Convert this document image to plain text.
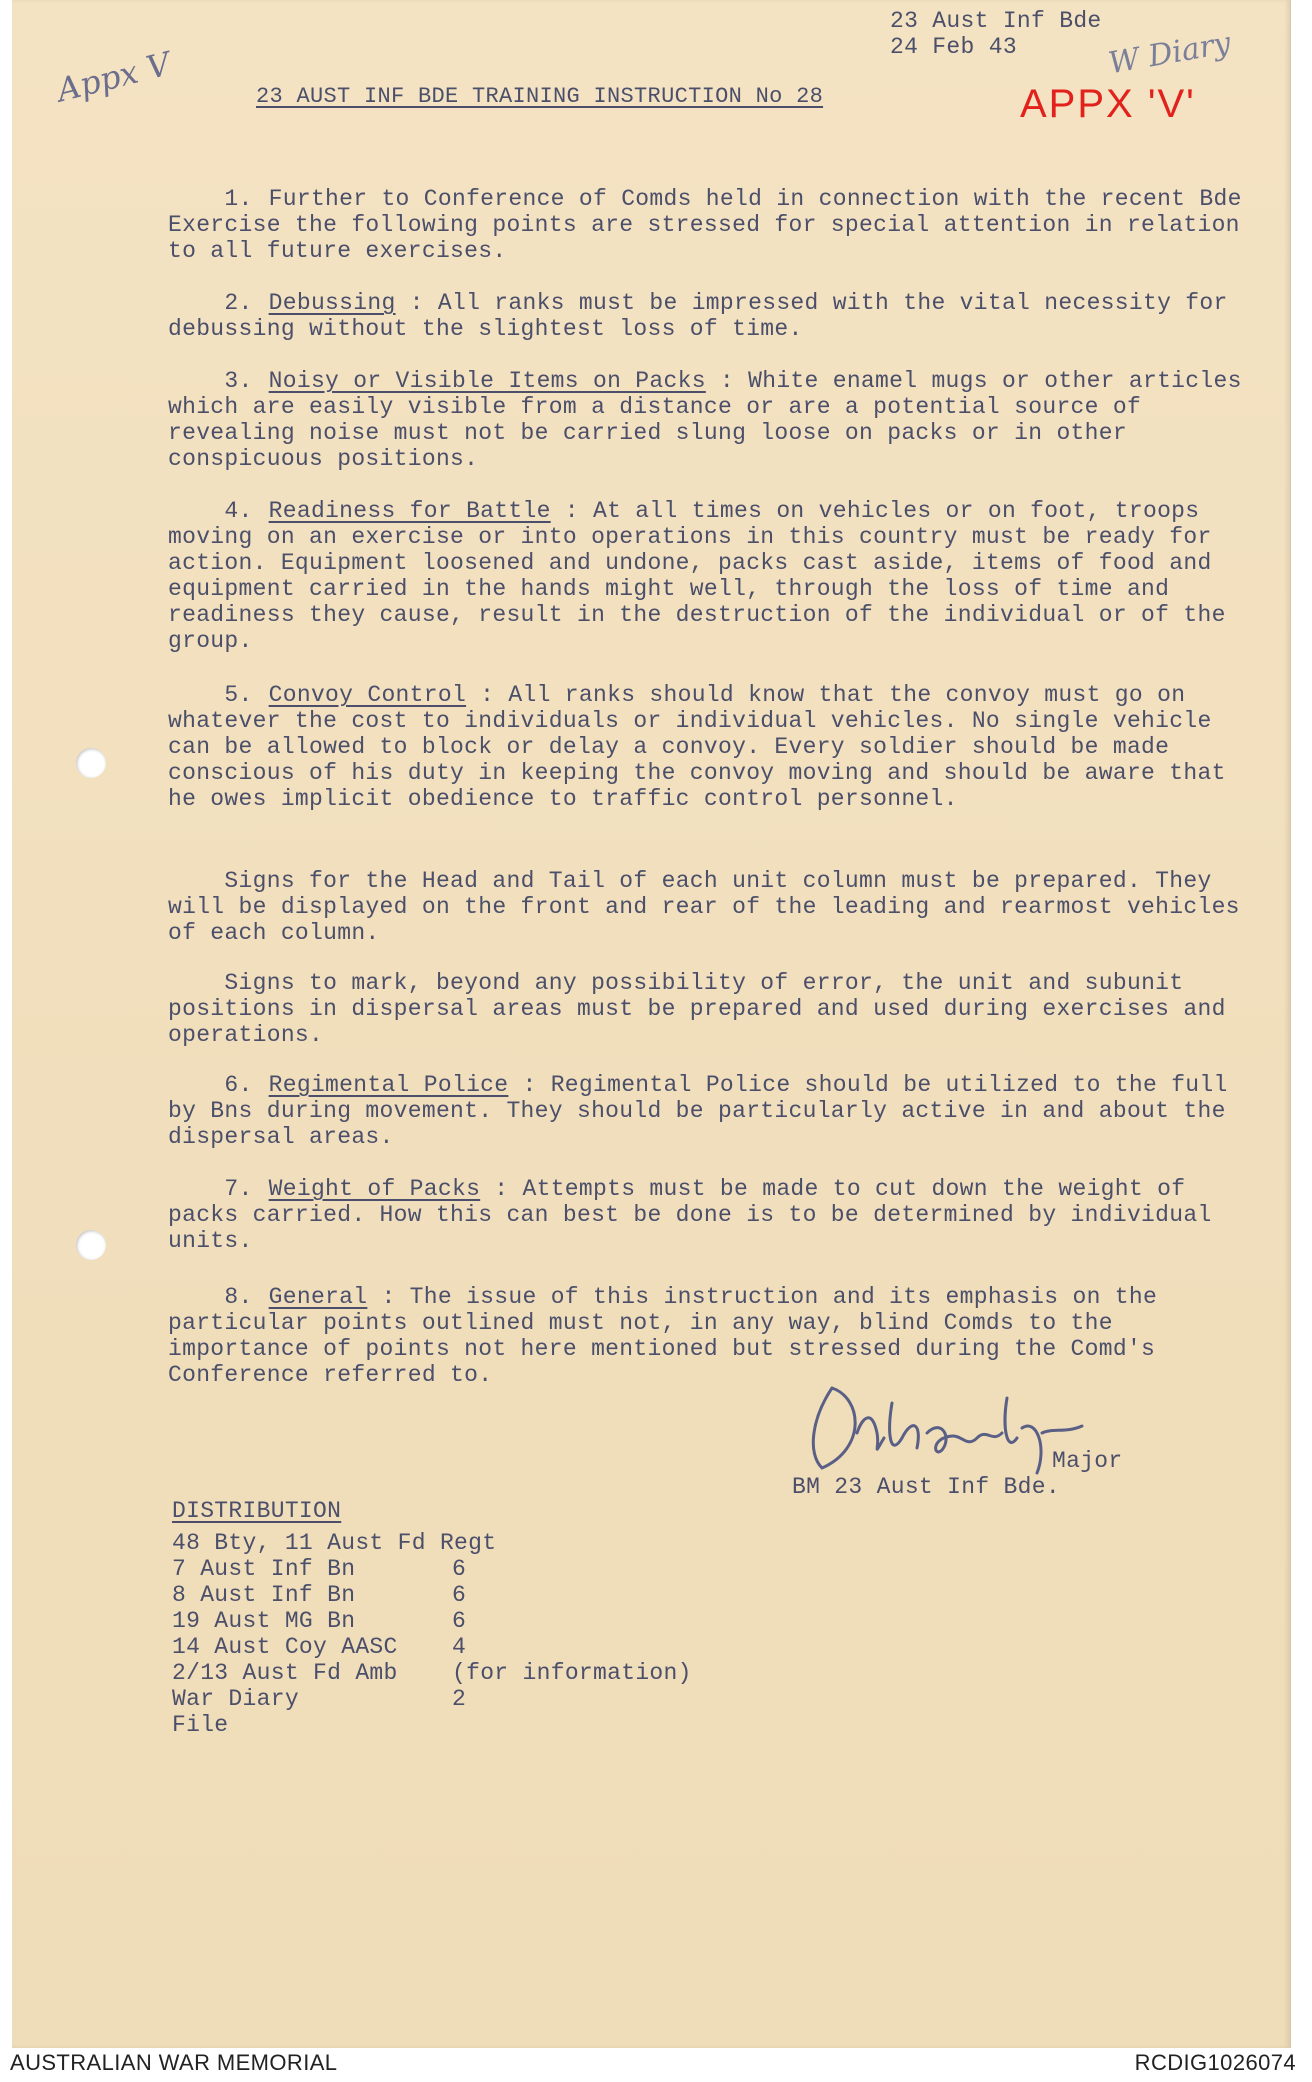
Appx V	W Diary
APPX 'V'
23 Aust Inf Bde
24 Feb 43
23 AUST INF BDE TRAINING INSTRUCTION No 28

1. Further to Conference of Comds held in connection with the recent Bde Exercise the following points are stressed for special attention in relation to all future exercises.

2. Debussing : All ranks must be impressed with the vital necessity for debussing without the slightest loss of time.

3. Noisy or Visible Items on Packs : White enamel mugs or other articles which are easily visible from a distance or are a potential source of revealing noise must not be carried slung loose on packs or in other conspicuous positions.

4. Readiness for Battle : At all times on vehicles or on foot, troops moving on an exercise or into operations in this country must be ready for action. Equipment loosened and undone, packs cast aside, items of food and equipment carried in the hands might well, through the loss of time and readiness they cause, result in the destruction of the individual or of the group.

5. Convoy Control : All ranks should know that the convoy must go on whatever the cost to individuals or individual vehicles. No single vehicle can be allowed to block or delay a convoy. Every soldier should be made conscious of his duty in keeping the convoy moving and should be aware that he owes implicit obedience to traffic control personnel.

Signs for the Head and Tail of each unit column must be prepared. They will be displayed on the front and rear of the leading and rearmost vehicles of each column.

Signs to mark, beyond any possibility of error, the unit and subunit positions in dispersal areas must be prepared and used during exercises and operations.

6. Regimental Police : Regimental Police should be utilized to the full by Bns during movement. They should be particularly active in and about the dispersal areas.

7. Weight of Packs : Attempts must be made to cut down the weight of packs carried. How this can best be done is to be determined by individual units.

8. General : The issue of this instruction and its emphasis on the particular points outlined must not, in any way, blind Comds to the importance of points not here mentioned but stressed during the Comd's Conference referred to.

Major
BM 23 Aust Inf Bde.
DISTRIBUTION
48 Bty, 11 Aust Fd Regt
7 Aust Inf Bn	6
8 Aust Inf Bn	6
19 Aust MG Bn	6
14 Aust Coy AASC	4
2/13 Aust Fd Amb	(for information)
War Diary	2
File
AUSTRALIAN WAR MEMORIAL	RCDIG1026074
